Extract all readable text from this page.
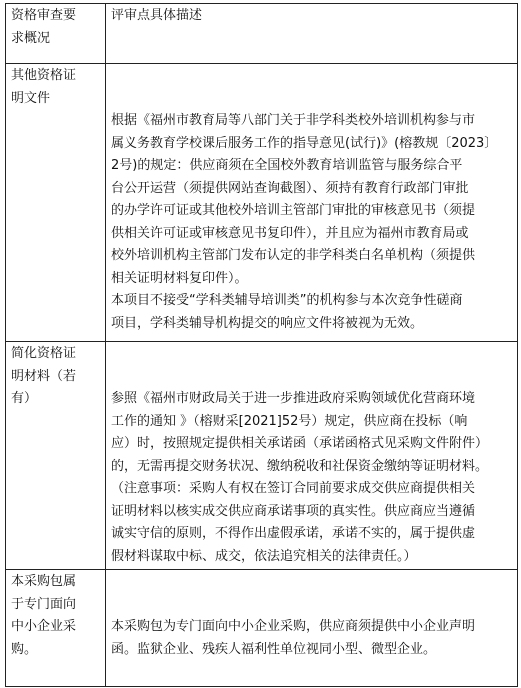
资格审查要
求概况
评审点具体描述
其他资格证
明文件

根据《福州市教育局等八部门关于非学科类校外培训机构参与市
属义务教育学校课后服务工作的指导意见(试行)》(榕教规〔2023〕
2号)的规定：供应商须在全国校外教育培训监管与服务综合平
台公开运营（须提供网站查询截图）、须持有教育行政部门审批
的办学许可证或其他校外培训主管部门审批的审核意见书（须提
供相关许可证或审核意见书复印件），并且应为福州市教育局或
校外培训机构主管部门发布认定的非学科类白名单机构（须提供
相关证明材料复印件）。
本项目不接受“学科类辅导培训类”的机构参与本次竞争性磋商
项目，学科类辅导机构提交的响应文件将被视为无效。

简化资格证
明材料（若
有）

	参照《福州市财政局关于进一步推进政府采购领域优化营商环境
工作的通知 》（榕财采[2021]52号）规定，供应商在投标（响
应）时，按照规定提供相关承诺函（承诺函格式见采购文件附件）
的，无需再提交财务状况、缴纳税收和社保资金缴纳等证明材料。
（注意事项：采购人有权在签订合同前要求成交供应商提供相关
证明材料以核实成交供应商承诺事项的真实性。供应商应当遵循
诚实守信的原则，不得作出虚假承诺，承诺不实的，属于提供虚
假材料谋取中标、成交，依法追究相关的法律责任。）

本采购包属
于专门面向
中小企业采
购。

本采购包为专门面向中小企业采购，供应商须提供中小企业声明
函。监狱企业、残疾人福利性单位视同小型、微型企业。
